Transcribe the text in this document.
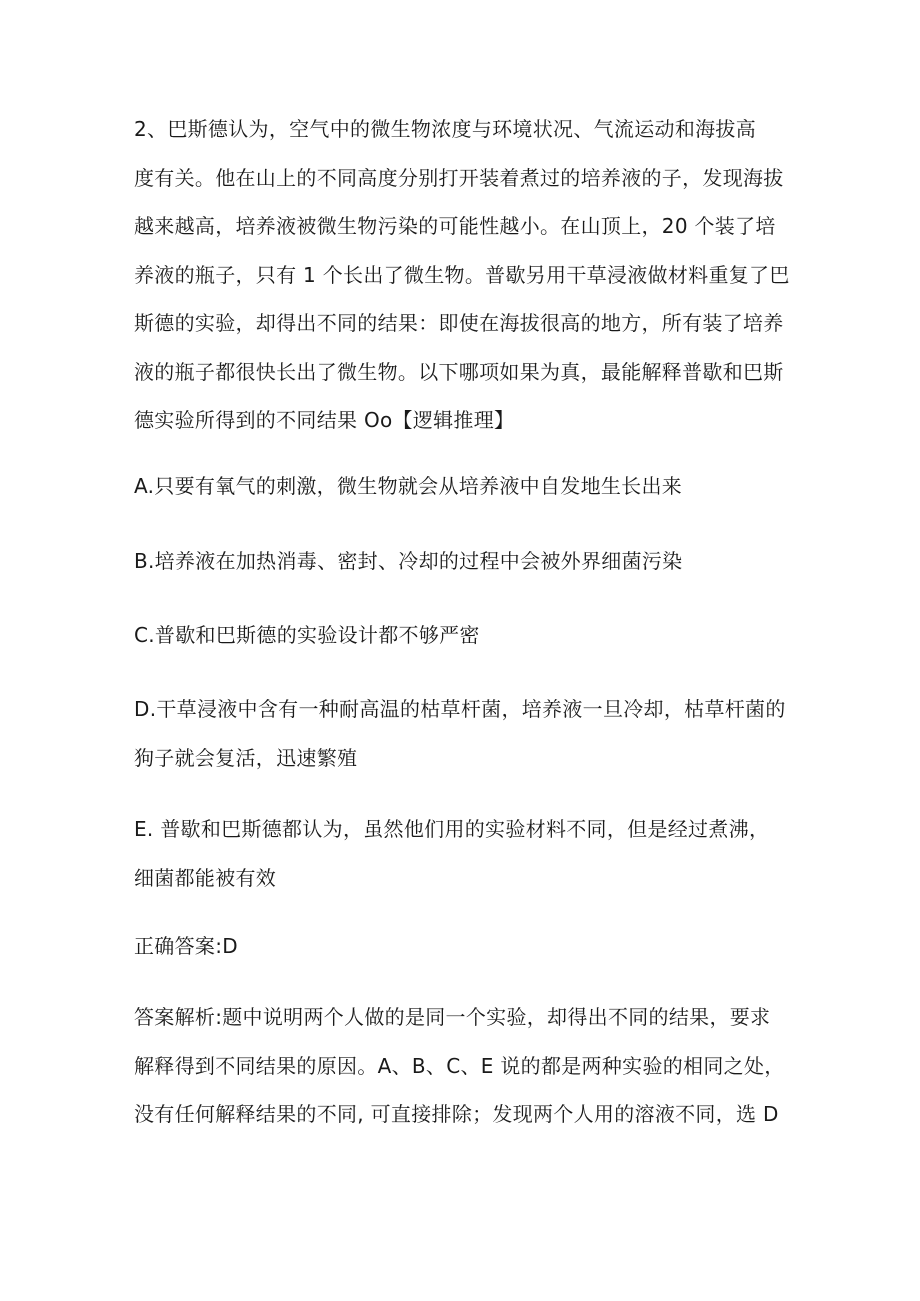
2、巴斯德认为，空气中的微生物浓度与环境状况、气流运动和海拔高
度有关。他在山上的不同高度分别打开装着煮过的培养液的子，发现海拔
越来越高，培养液被微生物污染的可能性越小。在山顶上，20 个装了培
养液的瓶子，只有 1 个长出了微生物。普歇另用干草浸液做材料重复了巴
斯德的实验，却得出不同的结果：即使在海拔很高的地方，所有装了培养
液的瓶子都很快长出了微生物。以下哪项如果为真，最能解释普歇和巴斯
德实验所得到的不同结果 Oo【逻辑推理】
A.只要有氧气的刺激，微生物就会从培养液中自发地生长出来
B.培养液在加热消毒、密封、冷却的过程中会被外界细菌污染
C.普歇和巴斯德的实验设计都不够严密
D.干草浸液中含有一种耐高温的枯草杆菌，培养液一旦冷却，枯草杆菌的
狗子就会复活，迅速繁殖
E. 普歇和巴斯德都认为，虽然他们用的实验材料不同，但是经过煮沸，
细菌都能被有效
正确答案:D
答案解析:题中说明两个人做的是同一个实验，却得出不同的结果，要求
解释得到不同结果的原因。A、B、C、E 说的都是两种实验的相同之处，
没有任何解释结果的不同, 可直接排除；发现两个人用的溶液不同，选 D
